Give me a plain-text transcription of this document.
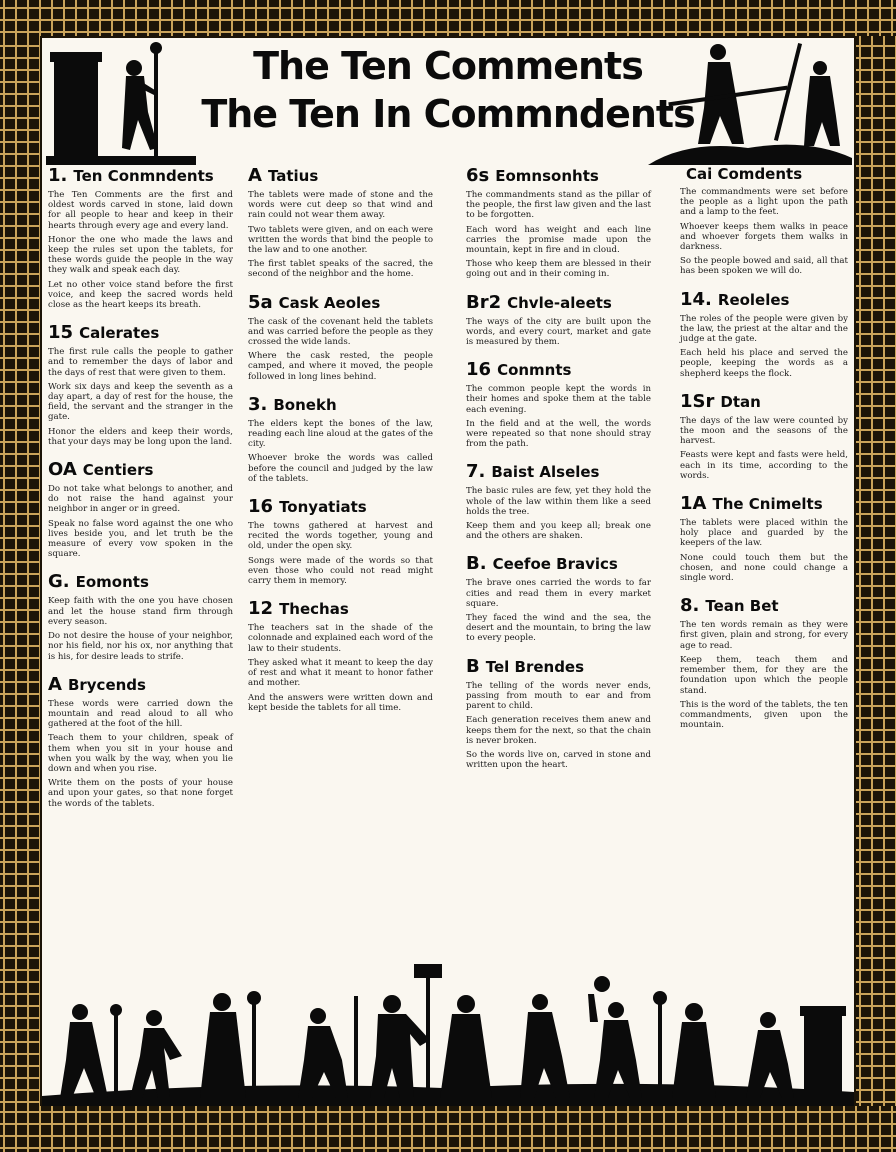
The Ten Comments
The Ten In Commndents
1. Ten Conmndents

The Ten Comments are the first and oldest words carved in stone, laid down for all people to hear and keep in their hearts through every age and every land.

Honor the one who made the laws and keep the rules set upon the tablets, for these words guide the people in the way they walk and speak each day.

Let no other voice stand before the first voice, and keep the sacred words held close as the heart keeps its breath.

15 Calerates

The first rule calls the people to gather and to remember the days of labor and the days of rest that were given to them.

Work six days and keep the seventh as a day apart, a day of rest for the house, the field, the servant and the stranger in the gate.

Honor the elders and keep their words, that your days may be long upon the land.

OA Centiers

Do not take what belongs to another, and do not raise the hand against your neighbor in anger or in greed.

Speak no false word against the one who lives beside you, and let truth be the measure of every vow spoken in the square.

G. Eomonts

Keep faith with the one you have chosen and let the house stand firm through every season.

Do not desire the house of your neighbor, nor his field, nor his ox, nor anything that is his, for desire leads to strife.

A Brycends

These words were carried down the mountain and read aloud to all who gathered at the foot of the hill.

Teach them to your children, speak of them when you sit in your house and when you walk by the way, when you lie down and when you rise.

Write them on the posts of your house and upon your gates, so that none forget the words of the tablets.

A Tatius

The tablets were made of stone and the words were cut deep so that wind and rain could not wear them away.

Two tablets were given, and on each were written the words that bind the people to the law and to one another.

The first tablet speaks of the sacred, the second of the neighbor and the home.

5a Cask Aeoles

The cask of the covenant held the tablets and was carried before the people as they crossed the wide lands.

Where the cask rested, the people camped, and where it moved, the people followed in long lines behind.

3. Bonekh

The elders kept the bones of the law, reading each line aloud at the gates of the city.

Whoever broke the words was called before the council and judged by the law of the tablets.

16 Tonyatiats

The towns gathered at harvest and recited the words together, young and old, under the open sky.

Songs were made of the words so that even those who could not read might carry them in memory.

12 Thechas

The teachers sat in the shade of the colonnade and explained each word of the law to their students.

They asked what it meant to keep the day of rest and what it meant to honor father and mother.

And the answers were written down and kept beside the tablets for all time.

6s Eomnsonhts

The commandments stand as the pillar of the people, the first law given and the last to be forgotten.

Each word has weight and each line carries the promise made upon the mountain, kept in fire and in cloud.

Those who keep them are blessed in their going out and in their coming in.

Br2 Chvle-aleets

The ways of the city are built upon the words, and every court, market and gate is measured by them.

16 Conmnts

The common people kept the words in their homes and spoke them at the table each evening.

In the field and at the well, the words were repeated so that none should stray from the path.

7. Baist Alseles

The basic rules are few, yet they hold the whole of the law within them like a seed holds the tree.

Keep them and you keep all; break one and the others are shaken.

B. Ceefoe Bravics

The brave ones carried the words to far cities and read them in every market square.

They faced the wind and the sea, the desert and the mountain, to bring the law to every people.

B Tel Brendes

The telling of the words never ends, passing from mouth to ear and from parent to child.

Each generation receives them anew and keeps them for the next, so that the chain is never broken.

So the words live on, carved in stone and written upon the heart.

Cai Comdents

The commandments were set before the people as a light upon the path and a lamp to the feet.

Whoever keeps them walks in peace and whoever forgets them walks in darkness.

So the people bowed and said, all that has been spoken we will do.

14. Reoleles

The roles of the people were given by the law, the priest at the altar and the judge at the gate.

Each held his place and served the people, keeping the words as a shepherd keeps the flock.

1Sr Dtan

The days of the law were counted by the moon and the seasons of the harvest.

Feasts were kept and fasts were held, each in its time, according to the words.

1A The Cnimelts

The tablets were placed within the holy place and guarded by the keepers of the law.

None could touch them but the chosen, and none could change a single word.

8. Tean Bet

The ten words remain as they were first given, plain and strong, for every age to read.

Keep them, teach them and remember them, for they are the foundation upon which the people stand.

This is the word of the tablets, the ten commandments, given upon the mountain.
